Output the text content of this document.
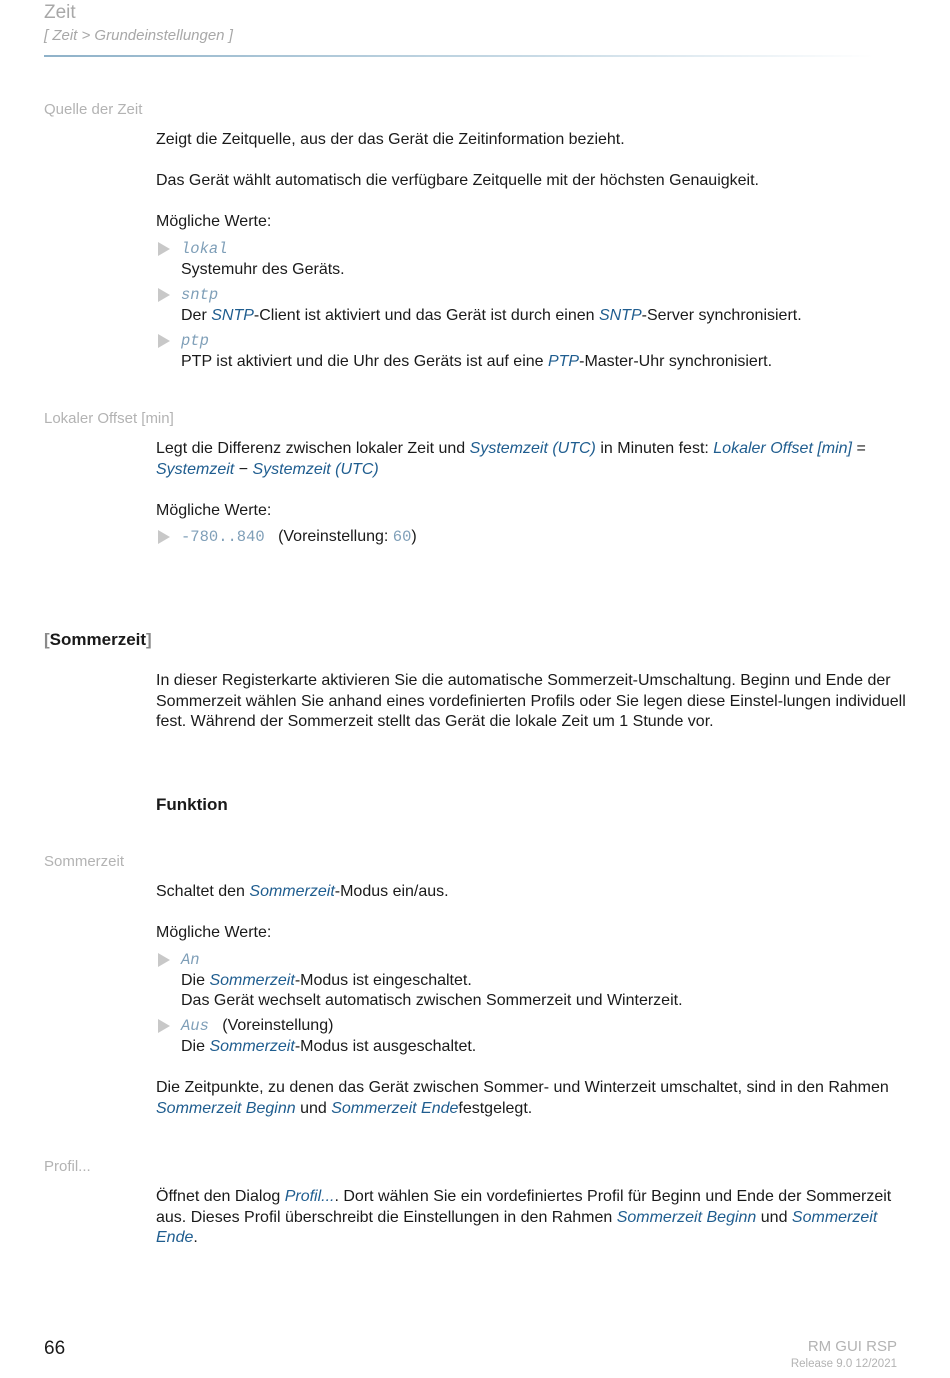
Zeit
[ Zeit > Grundeinstellungen ]
Quelle der Zeit
Zeigt die Zeitquelle, aus der das Gerät die Zeitinformation bezieht.
Das Gerät wählt automatisch die verfügbare Zeitquelle mit der höchsten Genauigkeit.
Mögliche Werte:
lokal
Systemuhr des Geräts.
sntp
Der SNTP-Client ist aktiviert und das Gerät ist durch einen SNTP-Server synchronisiert.
ptp
PTP ist aktiviert und die Uhr des Geräts ist auf eine PTP-Master-Uhr synchronisiert.
Lokaler Offset [min]
Legt die Differenz zwischen lokaler Zeit und Systemzeit (UTC) in Minuten fest: Lokaler Offset [min] =
Systemzeit − Systemzeit (UTC)
Mögliche Werte:
-780..840 (Voreinstellung: 60)
[Sommerzeit]
In dieser Registerkarte aktivieren Sie die automatische Sommerzeit-Umschaltung. Beginn und Ende der Sommerzeit wählen Sie anhand eines vordefinierten Profils oder Sie legen diese Einstel-lungen individuell fest. Während der Sommerzeit stellt das Gerät die lokale Zeit um 1 Stunde vor.
Funktion
Sommerzeit
Schaltet den Sommerzeit-Modus ein/aus.
Mögliche Werte:
An
Die Sommerzeit-Modus ist eingeschaltet.
Das Gerät wechselt automatisch zwischen Sommerzeit und Winterzeit.
Aus (Voreinstellung)
Die Sommerzeit-Modus ist ausgeschaltet.
Die Zeitpunkte, zu denen das Gerät zwischen Sommer- und Winterzeit umschaltet, sind in den Rahmen Sommerzeit Beginn und Sommerzeit Endefestgelegt.
Profil...
Öffnet den Dialog Profil.... Dort wählen Sie ein vordefiniertes Profil für Beginn und Ende der Sommerzeit aus. Dieses Profil überschreibt die Einstellungen in den Rahmen Sommerzeit Beginn und Sommerzeit Ende.
66	RM GUI RSP
Release 9.0 12/2021
